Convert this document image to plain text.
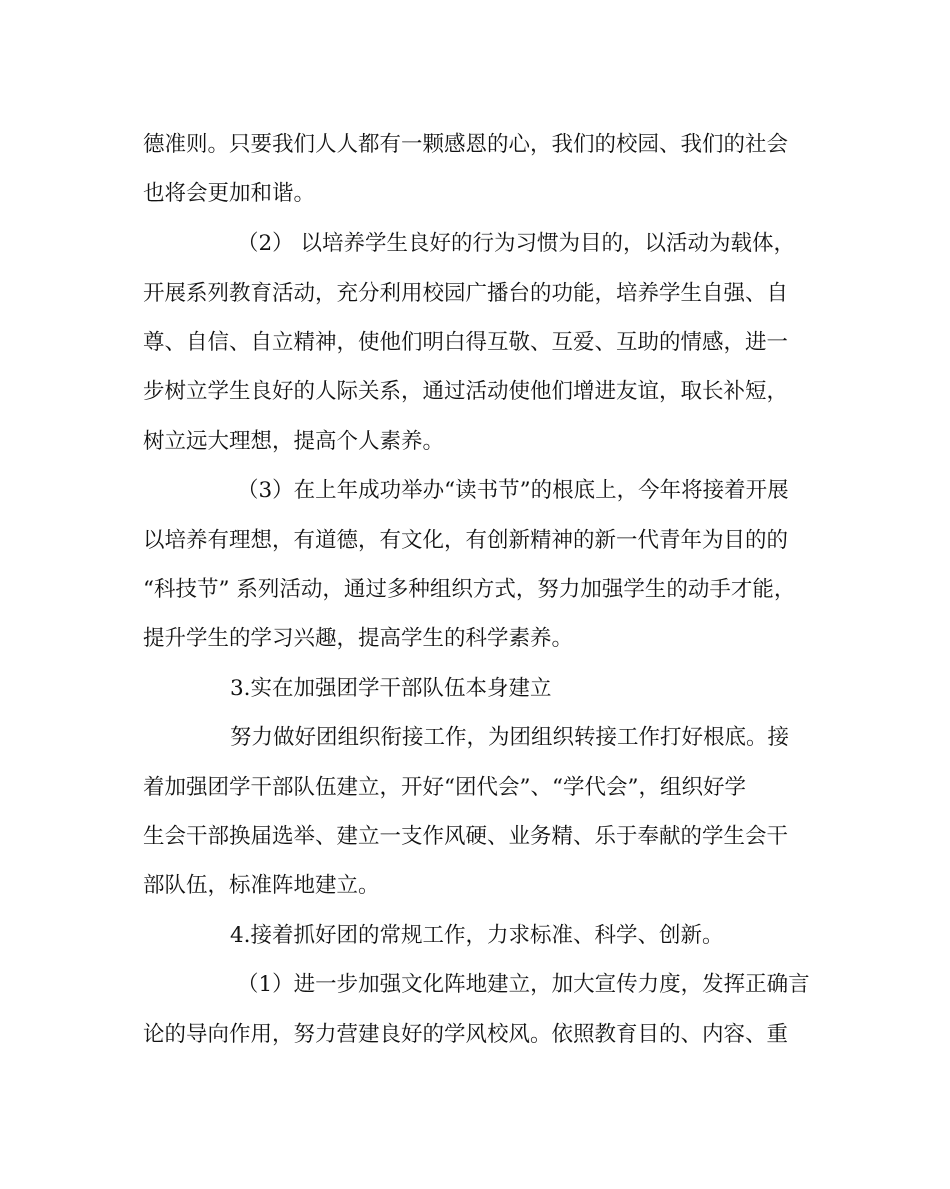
德准则。只要我们人人都有一颗感恩的心，我们的校园、我们的社会

也将会更加和谐。

（2） 以培养学生良好的行为习惯为目的，以活动为载体，

开展系列教育活动，充分利用校园广播台的功能，培养学生自强、自

尊、自信、自立精神，使他们明白得互敬、互爱、互助的情感，进一

步树立学生良好的人际关系，通过活动使他们增进友谊，取长补短，

树立远大理想，提高个人素养。

（3）在上年成功举办“读书节”的根底上，今年将接着开展

以培养有理想，有道德，有文化，有创新精神的新一代青年为目的的

“科技节” 系列活动，通过多种组织方式，努力加强学生的动手才能，

提升学生的学习兴趣，提高学生的科学素养。

3.实在加强团学干部队伍本身建立

努力做好团组织衔接工作，为团组织转接工作打好根底。接

着加强团学干部队伍建立，开好“团代会”、“学代会”，组织好学

生会干部换届选举、建立一支作风硬、业务精、乐于奉献的学生会干

部队伍，标准阵地建立。

4.接着抓好团的常规工作，力求标准、科学、创新。

（1）进一步加强文化阵地建立，加大宣传力度，发挥正确言

论的导向作用，努力营建良好的学风校风。依照教育目的、内容、重
